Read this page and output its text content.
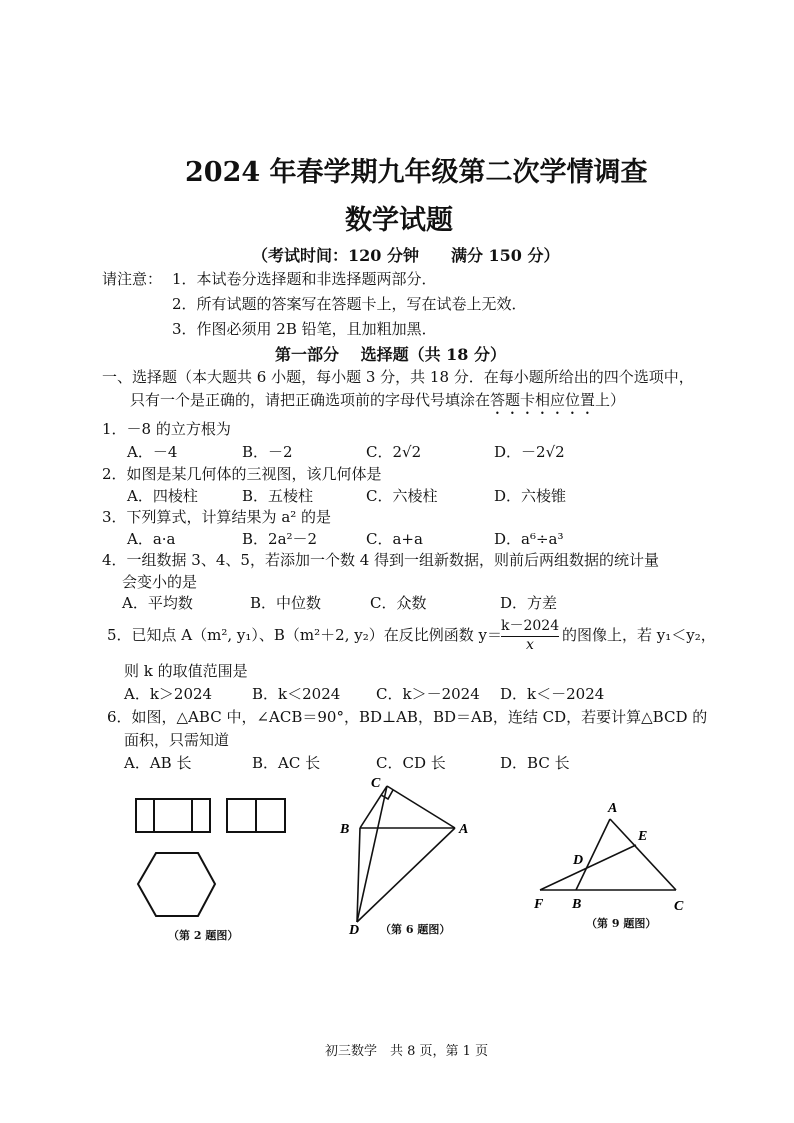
2024 年春学期九年级第二次学情调查
数学试题
（考试时间：120 分钟　　满分 150 分）
请注意： 1．本试卷分选择题和非选择题两部分．
2．所有试题的答案写在答题卡上，写在试卷上无效．
3．作图必须用 2B 铅笔，且加粗加黑．
第一部分　 选择题（共 18 分）
一、选择题（本大题共 6 小题，每小题 3 分，共 18 分．在每小题所给出的四个选项中，
只有一个是正确的，请把正确选项前的字母代号填涂在答题卡相应位置上）
1．－8 的立方根为
A．－4	B．－2	C．2√2	D．－2√2
2．如图是某几何体的三视图，该几何体是
A．四棱柱	B．五棱柱	C．六棱柱	D．六棱锥
3．下列算式，计算结果为 a² 的是
A．a·a	B．2a²－2	C．a+a	D．a⁶÷a³
4．一组数据 3、4、5，若添加一个数 4 得到一组新数据，则前后两组数据的统计量
会变小的是
A．平均数	B．中位数	C．众数	D．方差
5．已知点 A（m², y₁）、B（m²＋2, y₂）在反比例函数 $y= \frac{k-2024}{x}$ 的图像上，若 y₁＜y₂，
则 k 的取值范围是
A．k＞2024	B．k＜2024 C．k＞－2024 D．k＜－2024
6．如图，△ABC 中，∠ACB＝90°，BD⊥AB，BD＝AB，连结 CD，若要计算△BCD 的
面积，只需知道
A．AB 长	B．AC 长	C．CD 长	D．BC 长
（第 2 题图）
C
B	A
D （第 6 题图）
A
E
D
F B	C
（第 9 题图）
初三数学　共 8 页，第 1 页
